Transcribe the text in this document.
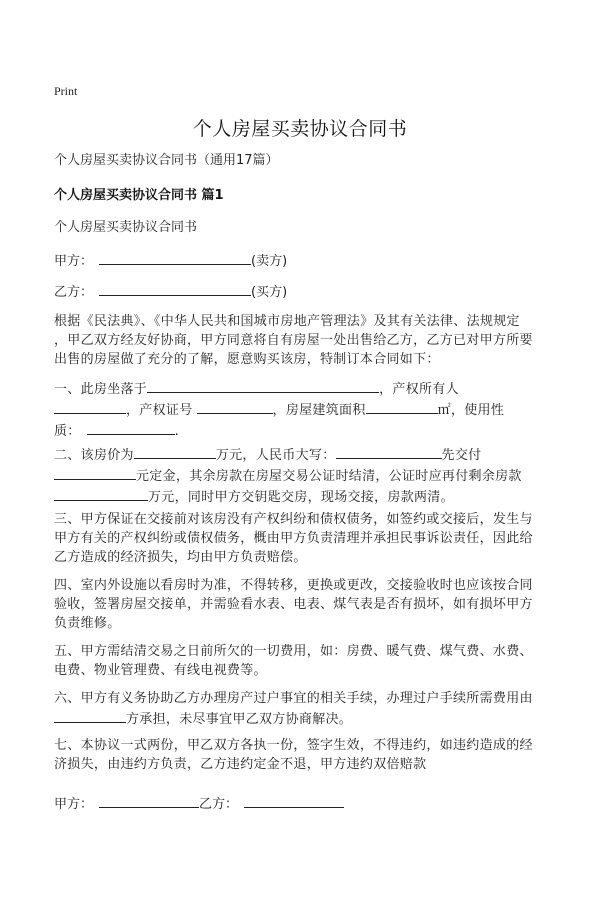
Print
个人房屋买卖协议合同书
个人房屋买卖协议合同书（通用17篇）
个人房屋买卖协议合同书 篇1
个人房屋买卖协议合同书
甲方：	(卖方)
乙方：	(买方)
根据《民法典》、《中华人民共和国城市房地产管理法》及其有关法律、法规规定
，甲乙双方经友好协商，甲方同意将自有房屋一处出售给乙方，乙方已对甲方所要
出售的房屋做了充分的了解，愿意购买该房，特制订本合同如下：
一、此房坐落于	，产权所有人
，产权证号	，房屋建筑面积	㎡，使用性
质：	.
二、该房价为	万元，人民币大写：	先交付
元定金，其余房款在房屋交易公证时结清，公证时应再付剩余房款
万元，同时甲方交钥匙交房，现场交接，房款两清。
三、甲方保证在交接前对该房没有产权纠纷和债权债务，如签约或交接后，发生与
甲方有关的产权纠纷或债权债务，概由甲方负责清理并承担民事诉讼责任，因此给
乙方造成的经济损失，均由甲方负责赔偿。
四、室内外设施以看房时为准，不得转移，更换或更改，交接验收时也应该按合同
验收，签署房屋交接单，并需验看水表、电表、煤气表是否有损坏，如有损坏甲方
负责维修。
五、甲方需结清交易之日前所欠的一切费用，如：房费、暖气费、煤气费、水费、
电费、物业管理费、有线电视费等。
六、甲方有义务协助乙方办理房产过户事宜的相关手续，办理过户手续所需费用由
方承担，未尽事宜甲乙双方协商解决。
七、本协议一式两份，甲乙双方各执一份，签字生效，不得违约，如违约造成的经
济损失，由违约方负责，乙方违约定金不退，甲方违约双倍赔款
甲方：	乙方：
